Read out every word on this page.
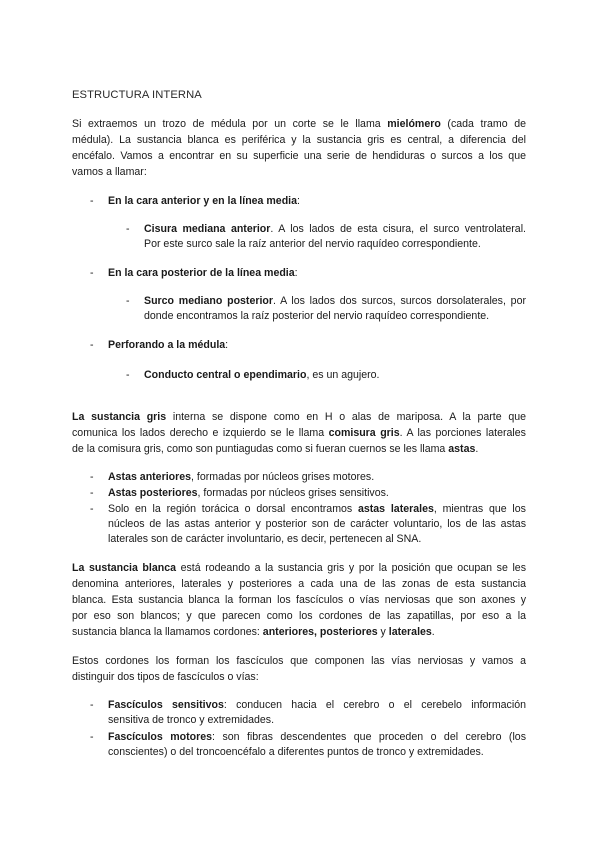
ESTRUCTURA INTERNA
Si extraemos un trozo de médula por un corte se le llama mielómero (cada tramo de
médula). La sustancia blanca es periférica y la sustancia gris es central, a diferencia del
encéfalo. Vamos a encontrar en su superficie una serie de hendiduras o surcos a los que
vamos a llamar:
- En la cara anterior y en la línea media:
- Cisura mediana anterior. A los lados de esta cisura, el surco ventrolateral.
Por este surco sale la raíz anterior del nervio raquídeo correspondiente.
- En la cara posterior de la línea media:
- Surco mediano posterior. A los lados dos surcos, surcos dorsolaterales, por
donde encontramos la raíz posterior del nervio raquídeo correspondiente.
- Perforando a la médula:
- Conducto central o ependimario, es un agujero.
La sustancia gris interna se dispone como en H o alas de mariposa. A la parte que
comunica los lados derecho e izquierdo se le llama comisura gris. A las porciones laterales
de la comisura gris, como son puntiagudas como si fueran cuernos se les llama astas.
- Astas anteriores, formadas por núcleos grises motores.
- Astas posteriores, formadas por núcleos grises sensitivos.
- Solo en la región torácica o dorsal encontramos astas laterales, mientras que los
núcleos de las astas anterior y posterior son de carácter voluntario, los de las astas
laterales son de carácter involuntario, es decir, pertenecen al SNA.
La sustancia blanca está rodeando a la sustancia gris y por la posición que ocupan se les
denomina anteriores, laterales y posteriores a cada una de las zonas de esta sustancia
blanca. Esta sustancia blanca la forman los fascículos o vías nerviosas que son axones y
por eso son blancos; y que parecen como los cordones de las zapatillas, por eso a la
sustancia blanca la llamamos cordones: anteriores, posteriores y laterales.
Estos cordones los forman los fascículos que componen las vías nerviosas y vamos a
distinguir dos tipos de fascículos o vías:
- Fascículos sensitivos: conducen hacia el cerebro o el cerebelo información
sensitiva de tronco y extremidades.
- Fascículos motores: son fibras descendentes que proceden o del cerebro (los
conscientes) o del troncoencéfalo a diferentes puntos de tronco y extremidades.
